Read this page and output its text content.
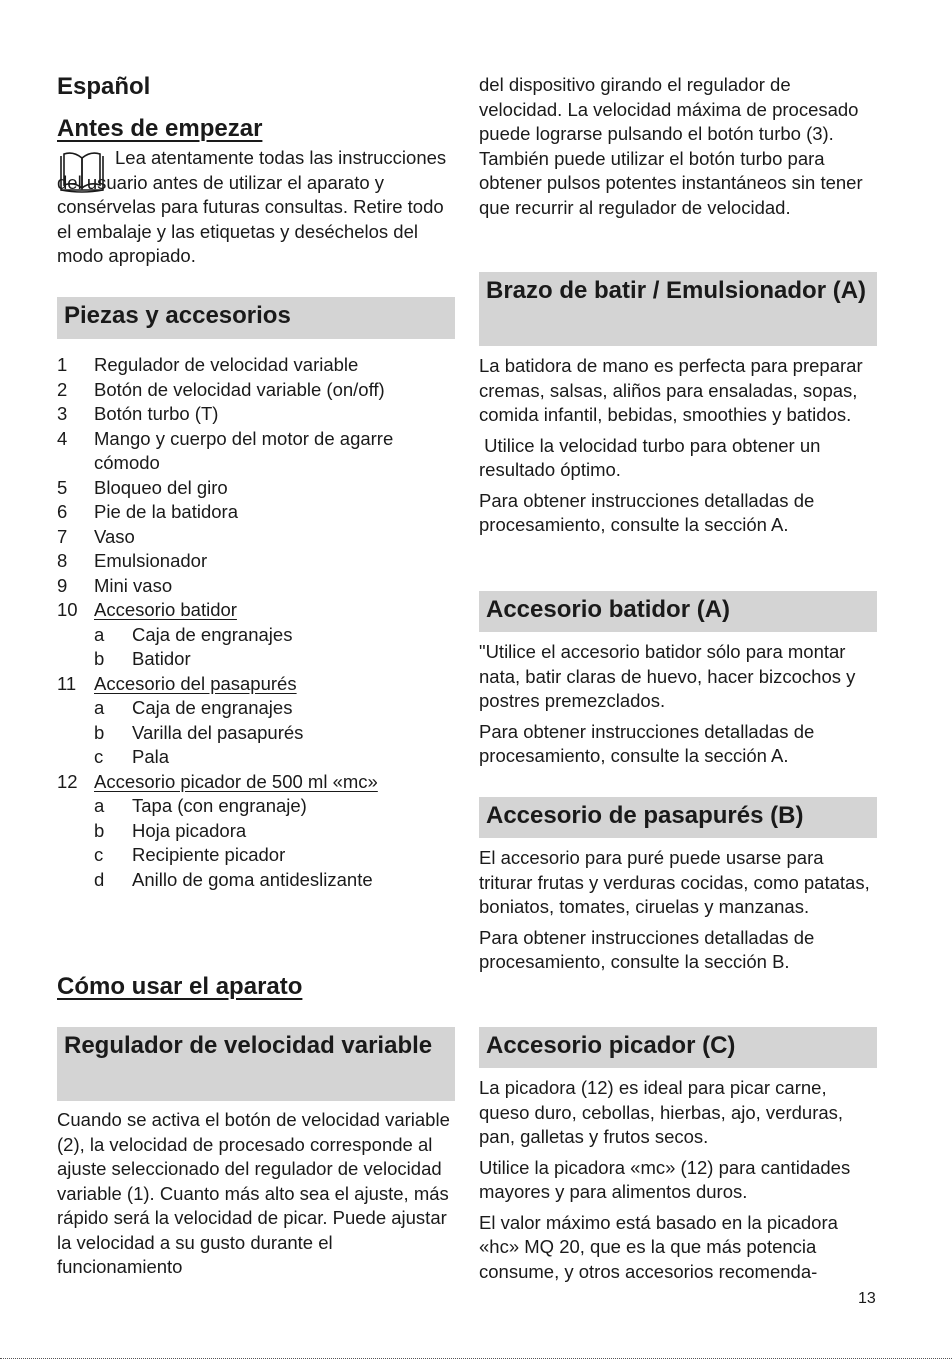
Español
Antes de empezar

Lea atentamente todas las instrucciones del usuario antes de utilizar el aparato y consérvelas para futuras consultas. Retire todo el embalaje y las etiquetas y deséchelos del modo apropiado.

Piezas y accesorios
1	Regulador de velocidad variable
2	Botón de velocidad variable (on/off)
3	Botón turbo (T)
4	Mango y cuerpo del motor de agarre cómodo
5	Bloqueo del giro
6	Pie de la batidora
7	Vaso
8	Emulsionador
9	Mini vaso
10 Accesorio batidor
a	Caja de engranajes
b	Batidor
11 Accesorio del pasapurés
a	Caja de engranajes
b	Varilla del pasapurés
c	Pala
12 Accesorio picador de 500 ml «mc»
a	Tapa (con engranaje)
b	Hoja picadora
c	Recipiente picador
d	Anillo de goma antideslizante
Cómo usar el aparato
Regulador de velocidad variable

Cuando se activa el botón de velocidad variable (2), la velocidad de procesado corresponde al ajuste seleccionado del regulador de velocidad variable (1). Cuanto más alto sea el ajuste, más rápido será la velocidad de picar. Puede ajustar la velocidad a su gusto durante el funcionamiento

del dispositivo girando el regulador de velocidad. La velocidad máxima de procesado puede lograrse pulsando el botón turbo (3). También puede utilizar el botón turbo para obtener pulsos potentes instantáneos sin tener que recurrir al regulador de velocidad.

Brazo de batir / Emulsionador (A)

La batidora de mano es perfecta para preparar cremas, salsas, aliños para ensaladas, sopas, comida infantil, bebidas, smoothies y batidos.

Utilice la velocidad turbo para obtener un resultado óptimo.

Para obtener instrucciones detalladas de procesamiento, consulte la sección A.

Accesorio batidor (A)

"Utilice el accesorio batidor sólo para montar nata, batir claras de huevo, hacer bizcochos y postres premezclados.

Para obtener instrucciones detalladas de procesamiento, consulte la sección A.

Accesorio de pasapurés (B)

El accesorio para puré puede usarse para triturar frutas y verduras cocidas, como patatas, boniatos, tomates, ciruelas y manzanas.

Para obtener instrucciones detalladas de procesamiento, consulte la sección B.

Accesorio picador (C)

La picadora (12) es ideal para picar carne, queso duro, cebollas, hierbas, ajo, verduras, pan, galletas y frutos secos.

Utilice la picadora «mc» (12) para cantidades mayores y para alimentos duros.

El valor máximo está basado en la picadora «hc» MQ 20, que es la que más potencia consume, y otros accesorios recomenda-

13
